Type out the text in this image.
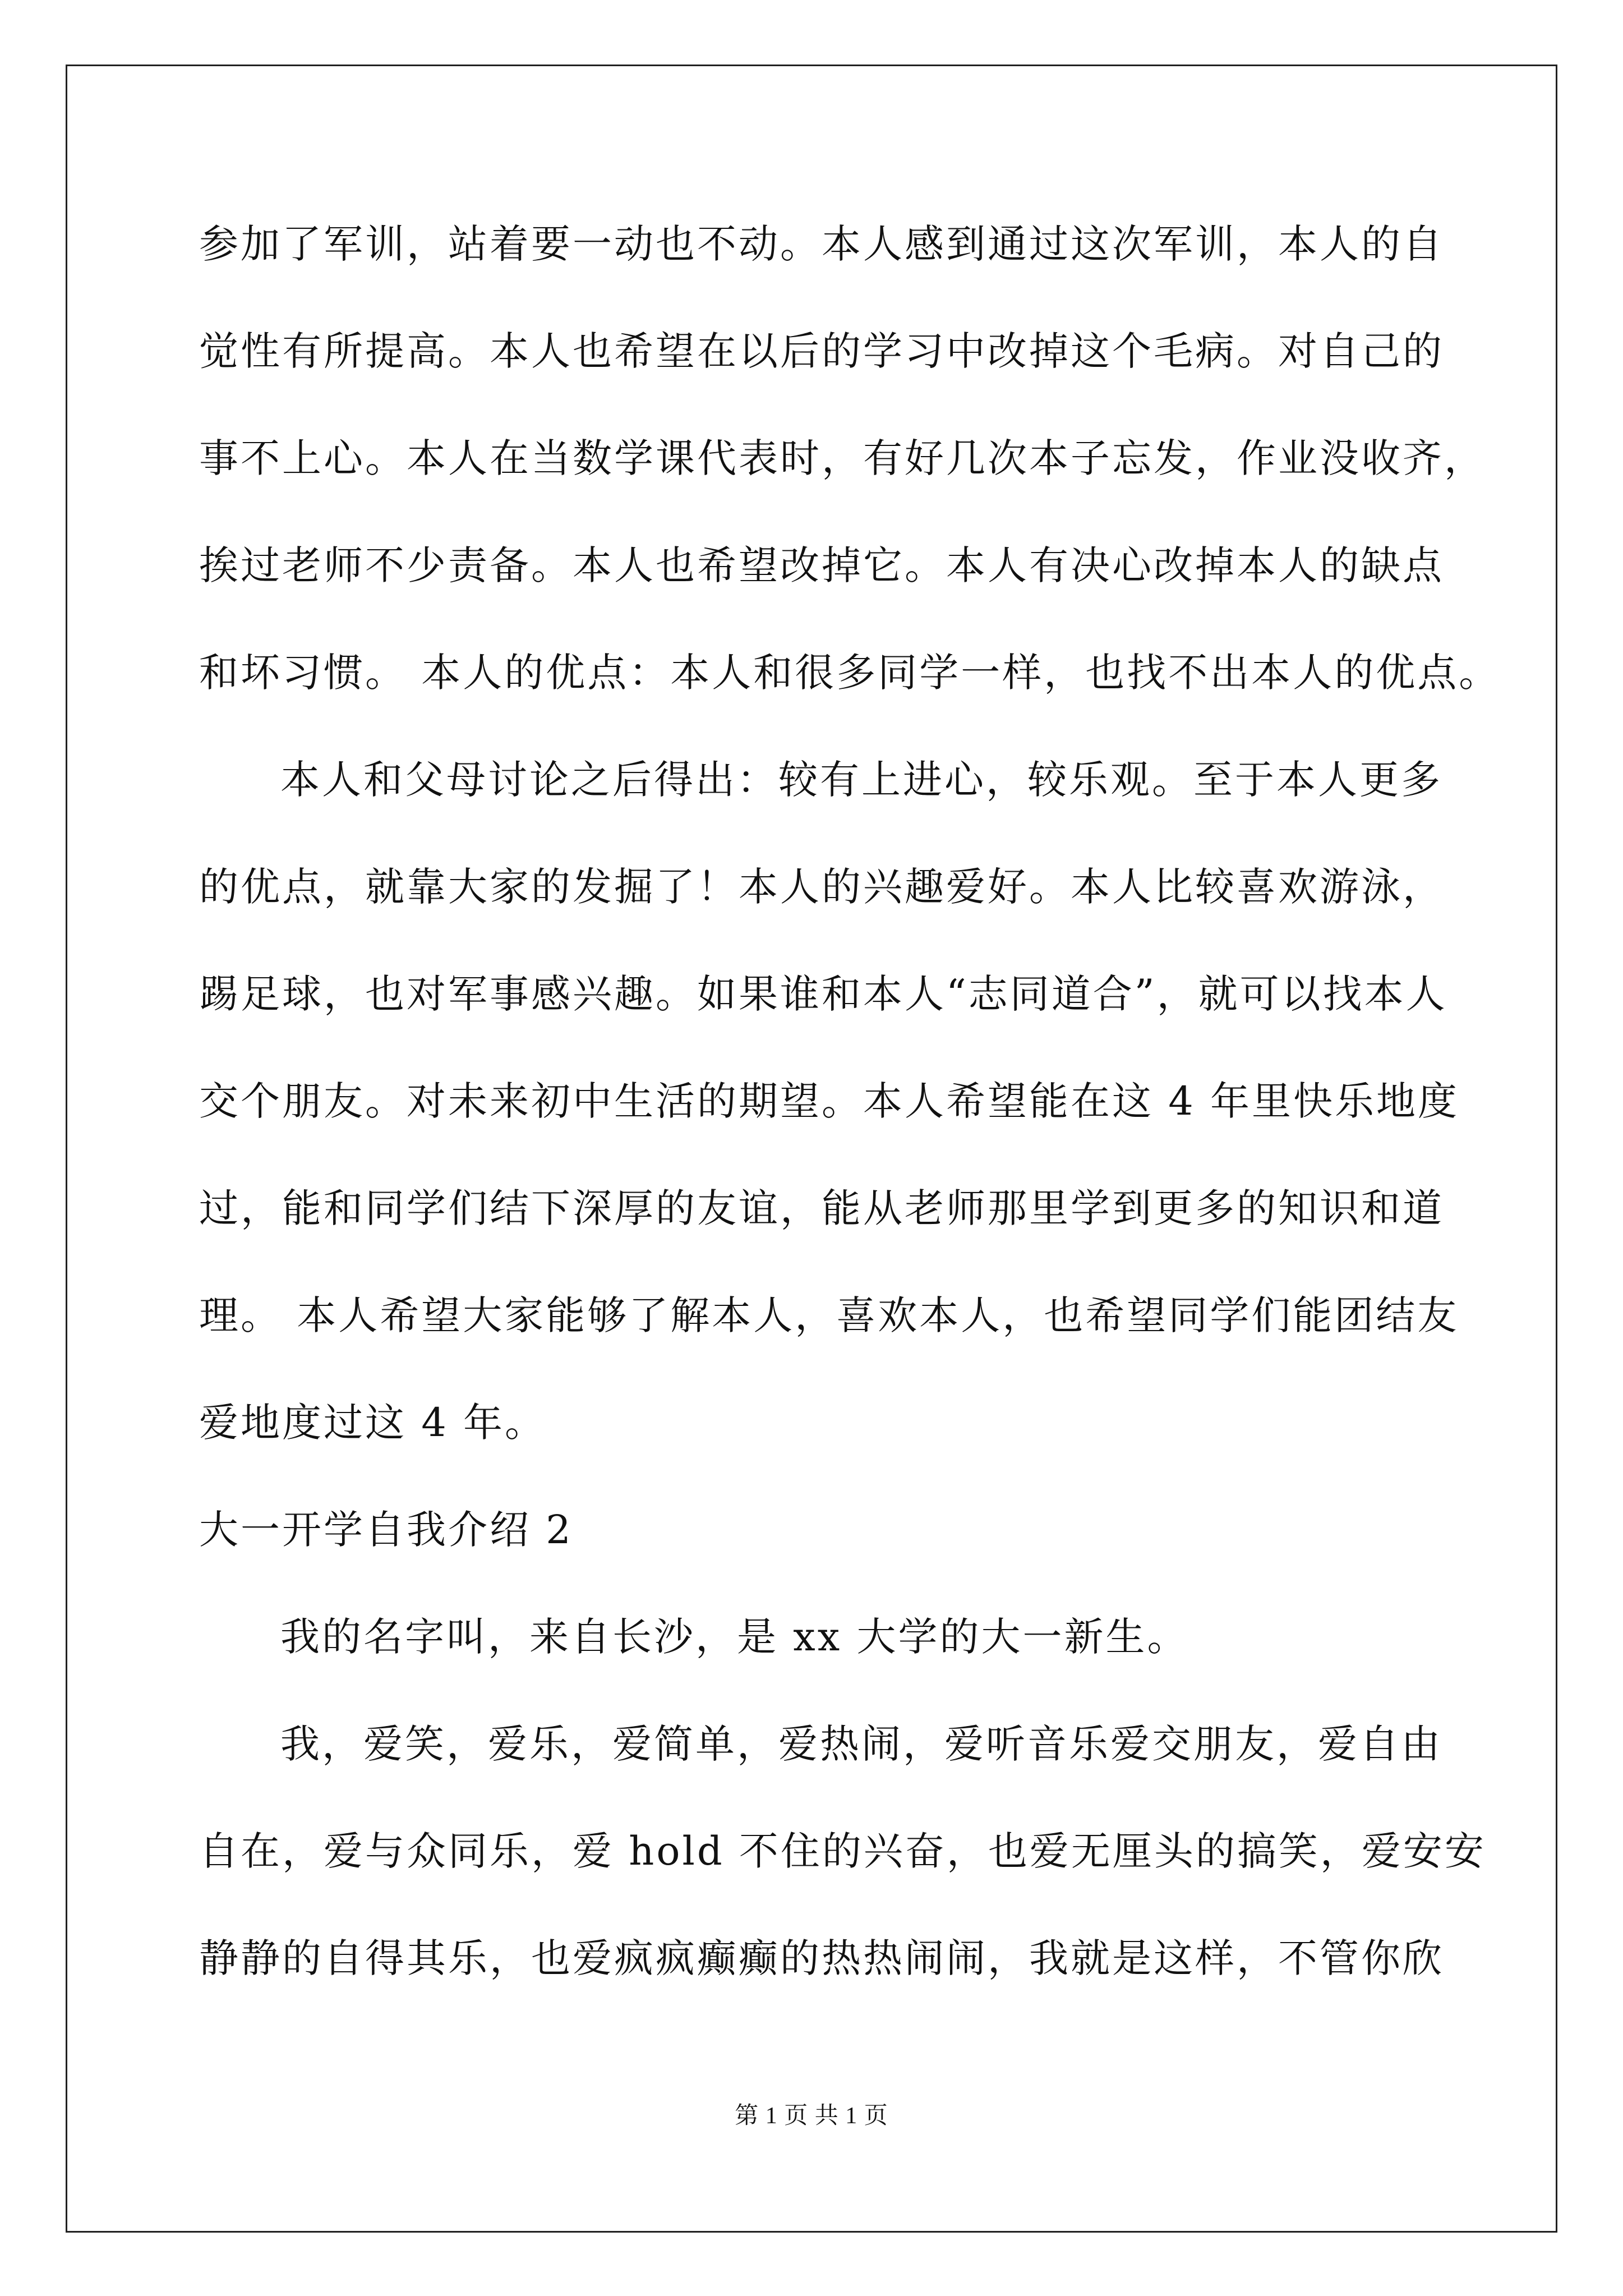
参加了军训，站着要一动也不动。本人感到通过这次军训，本人的自
觉性有所提高。本人也希望在以后的学习中改掉这个毛病。对自己的
事不上心。本人在当数学课代表时，有好几次本子忘发，作业没收齐，
挨过老师不少责备。本人也希望改掉它。本人有决心改掉本人的缺点
和坏习惯。 本人的优点：本人和很多同学一样，也找不出本人的优点。
本人和父母讨论之后得出：较有上进心，较乐观。至于本人更多
的优点，就靠大家的发掘了！本人的兴趣爱好。本人比较喜欢游泳，
踢足球，也对军事感兴趣。如果谁和本人“志同道合”，就可以找本人
交个朋友。对未来初中生活的期望。本人希望能在这 4 年里快乐地度
过，能和同学们结下深厚的友谊，能从老师那里学到更多的知识和道
理。 本人希望大家能够了解本人，喜欢本人，也希望同学们能团结友
爱地度过这 4 年。
大一开学自我介绍 2
我的名字叫，来自长沙，是 xx 大学的大一新生。
我，爱笑，爱乐，爱简单，爱热闹，爱听音乐爱交朋友，爱自由
自在，爱与众同乐，爱 hold 不住的兴奋，也爱无厘头的搞笑，爱安安
静静的自得其乐，也爱疯疯癫癫的热热闹闹，我就是这样，不管你欣
第 1 页 共 1 页
